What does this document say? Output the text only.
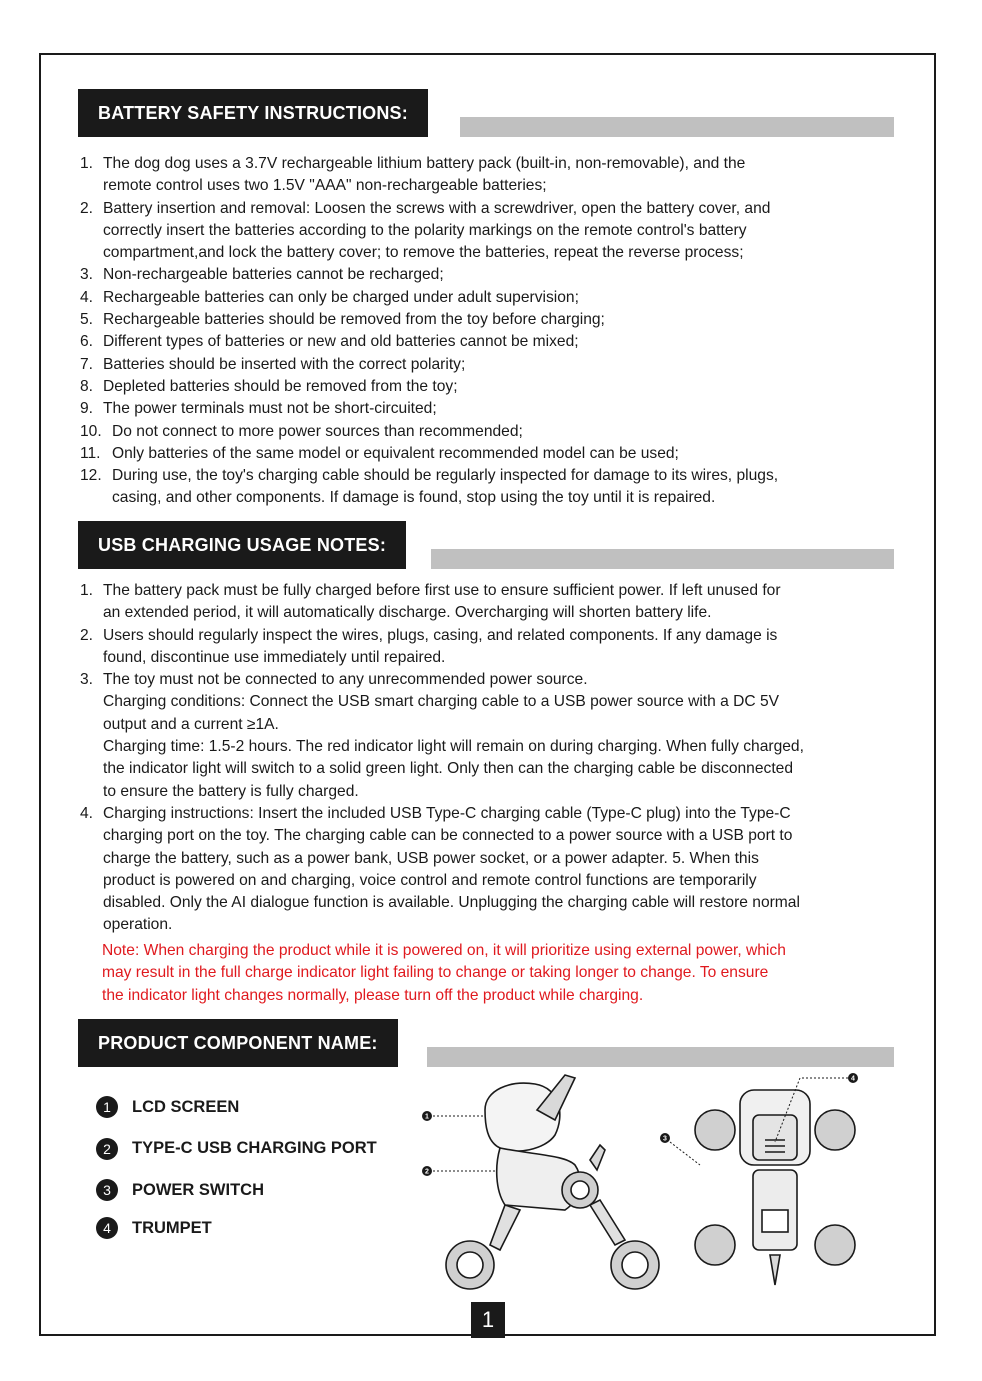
BATTERY SAFETY INSTRUCTIONS:
1. The dog dog uses a 3.7V rechargeable lithium battery pack (built-in, non-removable), and the
remote control uses two 1.5V "AAA" non-rechargeable batteries;
2. Battery insertion and removal: Loosen the screws with a screwdriver, open the battery cover, and
correctly insert the batteries according to the polarity markings on the remote control's battery
compartment,and lock the battery cover; to remove the batteries, repeat the reverse process;
3. Non-rechargeable batteries cannot be recharged;
4. Rechargeable batteries can only be charged under adult supervision;
5. Rechargeable batteries should be removed from the toy before charging;
6. Different types of batteries or new and old batteries cannot be mixed;
7. Batteries should be inserted with the correct polarity;
8. Depleted batteries should be removed from the toy;
9. The power terminals must not be short-circuited;
10. Do not connect to more power sources than recommended;
11. Only batteries of the same model or equivalent recommended model can be used;
12. During use, the toy's charging cable should be regularly inspected for damage to its wires, plugs,
casing, and other components. If damage is found, stop using the toy until it is repaired.
USB CHARGING USAGE NOTES:
1. The battery pack must be fully charged before first use to ensure sufficient power. If left unused for
an extended period, it will automatically discharge. Overcharging will shorten battery life.
2. Users should regularly inspect the wires, plugs, casing, and related components. If any damage is
found, discontinue use immediately until repaired.
3. The toy must not be connected to any unrecommended power source.
Charging conditions: Connect the USB smart charging cable to a USB power source with a DC 5V
output and a current ≥1A.
Charging time: 1.5-2 hours. The red indicator light will remain on during charging. When fully charged,
the indicator light will switch to a solid green light. Only then can the charging cable be disconnected
to ensure the battery is fully charged.
4. Charging instructions: Insert the included USB Type-C charging cable (Type-C plug) into the Type-C
charging port on the toy. The charging cable can be connected to a power source with a USB port to
charge the battery, such as a power bank, USB power socket, or a power adapter. 5. When this
product is powered on and charging, voice control and remote control functions are temporarily
disabled. Only the AI dialogue function is available. Unplugging the charging cable will restore normal
operation.
Note: When charging the product while it is powered on, it will prioritize using external power, which
may result in the full charge indicator light failing to change or taking longer to change. To ensure
the indicator light changes normally, please turn off the product while charging.
PRODUCT COMPONENT NAME:
1	LCD SCREEN
2	TYPE-C USB CHARGING PORT
3	POWER SWITCH
4	TRUMPET
1
2
3
4
1
